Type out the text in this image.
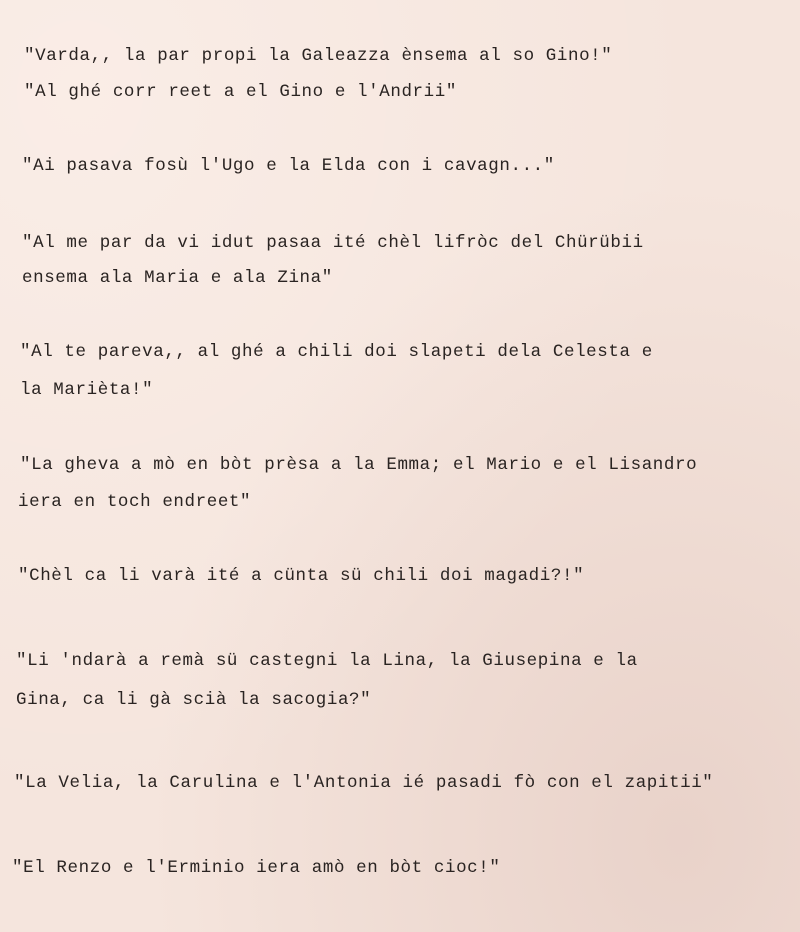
"Varda,, la par propi la Galeazza ènsema al so Gino!"
"Al ghé corr reet a el Gino e l'Andrii"
"Ai pasava fosù l'Ugo e la Elda con i cavagn..."
"Al me par da vi idut pasaa ité chèl lifròc del Chürübii
ensema ala Maria e ala Zina"
"Al te pareva,, al ghé a chili doi slapeti dela Celesta e
la Marièta!"
"La gheva a mò en bòt prèsa a la Emma; el Mario e el Lisandro
iera en toch endreet"
"Chèl ca li varà ité a cünta sü chili doi magadi?!"
"Li 'ndarà a remà sü castegni la Lina, la Giusepina e la
Gina, ca li gà scià la sacogia?"
"La Velia, la Carulina e l'Antonia ié pasadi fò con el zapitii"
"El Renzo e l'Erminio iera amò en bòt cioc!"
